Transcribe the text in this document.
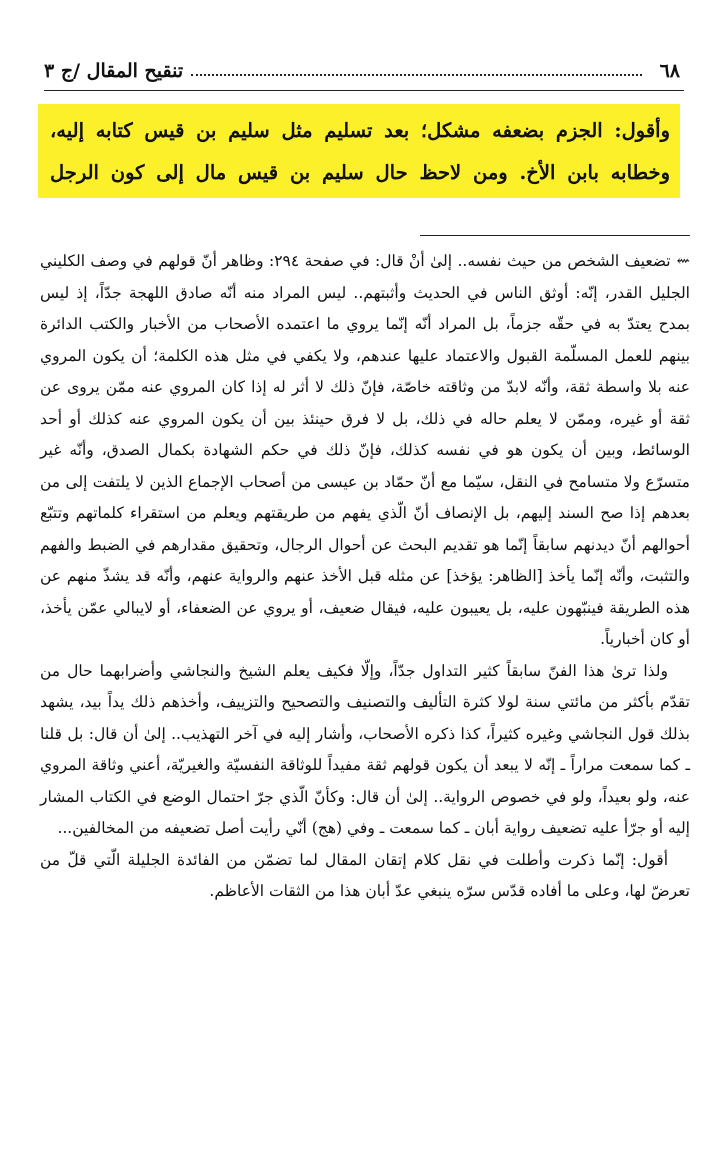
٦٨
تنقيح المقال /ج ٣

وأقول: الجزم بضعفه مشكل؛ بعد تسليم مثل سليم بن قيس كتابه إليه، وخطابه بابن الأخ. ومن لاحظ حال سليم بن قيس مال إلى كون الرجل

⇜تضعيف الشخص من حيث نفسه.. إلىٰ أنْ قال: في صفحة ٢٩٤: وظاهر أنّ قولهم في وصف الكليني الجليل القدر، إنّه: أوثق الناس في الحديث وأثبتهم.. ليس المراد منه أنّه صادق اللهجة جدّاً، إذ ليس بمدح يعتدّ به في حقّه جزماً، بل المراد أنّه إنّما يروي ما اعتمده الأصحاب من الأخبار والكتب الدائرة بينهم للعمل المسلّمة القبول والاعتماد عليها عندهم، ولا يكفي في مثل هذه الكلمة؛ أن يكون المروي عنه بلا واسطة ثقة، وأنّه لابدّ من وثاقته خاصّة، فإنّ ذلك لا أثر له إذا كان المروي عنه ممّن يروى عن ثقة أو غيره، وممّن لا يعلم حاله في ذلك، بل لا فرق حينئذ بين أن يكون المروي عنه كذلك أو أحد الوسائط، وبين أن يكون هو في نفسه كذلك، فإنّ ذلك في حكم الشهادة بكمال الصدق، وأنّه غير متسرّع ولا متسامح في النقل، سيّما مع أنّ حمّاد بن عيسى من أصحاب الإجماع الذين لا يلتفت إلى من بعدهم إذا صح السند إليهم، بل الإنصاف أنّ الّذي يفهم من طريقتهم ويعلم من استقراء كلماتهم وتتبّع أحوالهم أنّ ديدنهم سابقاً إنّما هو تقديم البحث عن أحوال الرجال، وتحقيق مقدارهم في الضبط والفهم والتثبت، وأنّه إنّما يأخذ [الظاهر: يؤخذ] عن مثله قبل الأخذ عنهم والرواية عنهم، وأنّه قد يشذّ منهم عن هذه الطريقة فينبّهون عليه، بل يعيبون عليه، فيقال ضعيف، أو يروي عن الضعفاء، أو لايبالي عمّن يأخذ، أو كان أخبارياً.

ولذا ترىٰ هذا الفنّ سابقاً كثير التداول جدّاً، وإلّا فكيف يعلم الشيخ والنجاشي وأضرابهما حال من تقدّم بأكثر من مائتي سنة لولا كثرة التأليف والتصنيف والتصحيح والتزييف، وأخذهم ذلك يداً بيد، يشهد بذلك قول النجاشي وغيره كثيراً، كذا ذكره الأصحاب، وأشار إليه في آخر التهذيب.. إلىٰ أن قال: بل قلنا ـ كما سمعت مراراً ـ إنّه لا يبعد أن يكون قولهم ثقة مفيداً للوثاقة النفسيّة والغيريّة، أعني وثاقة المروي عنه، ولو بعيداً، ولو في خصوص الرواية.. إلىٰ أن قال: وكأنّ الّذي جرّ احتمال الوضع في الكتاب المشار إليه أو جرّأ عليه تضعيف رواية أبان ـ كما سمعت ـ وفي (هج) أنّي رأيت أصل تضعيفه من المخالفين...

أقول: إنّما ذكرت وأطلت في نقل كلام إتقان المقال لما تضمّن من الفائدة الجليلة الّتي قلّ من تعرضّ لها، وعلى ما أفاده قدّس سرّه ينبغي عدّ أبان هذا من الثقات الأعاظم.
